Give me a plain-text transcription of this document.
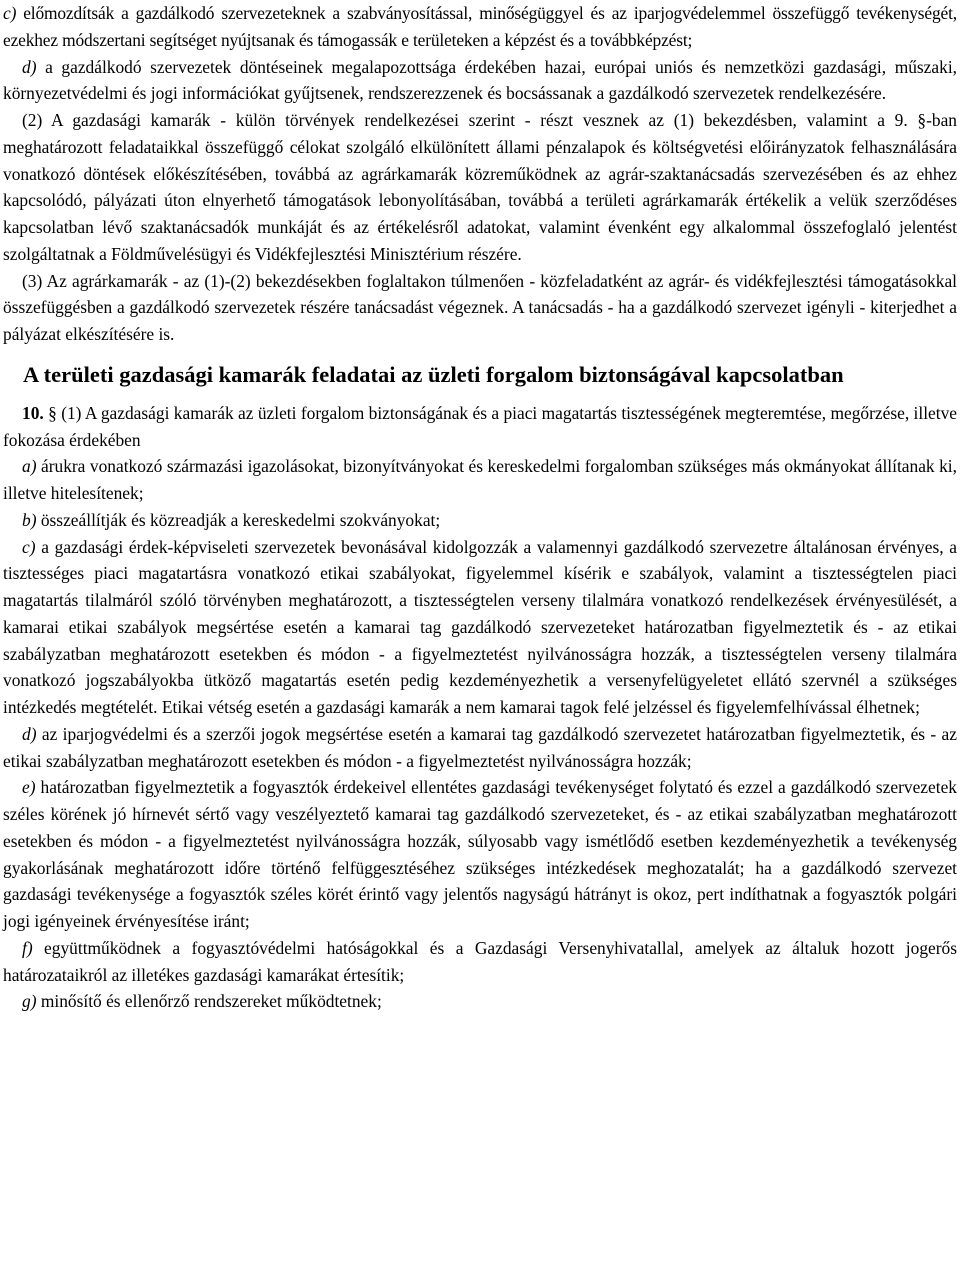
c) előmozdítsák a gazdálkodó szervezeteknek a szabványosítással, minőségüggyel és az iparjogvédelemmel összefüggő tevékenységét, ezekhez módszertani segítséget nyújtsanak és támogassák e területeken a képzést és a továbbképzést;

d) a gazdálkodó szervezetek döntéseinek megalapozottsága érdekében hazai, európai uniós és nemzetközi gazdasági, műszaki, környezetvédelmi és jogi információkat gyűjtsenek, rendszerezzenek és bocsássanak a gazdálkodó szervezetek rendelkezésére.

(2) A gazdasági kamarák - külön törvények rendelkezései szerint - részt vesznek az (1) bekezdésben, valamint a 9. §-ban meghatározott feladataikkal összefüggő célokat szolgáló elkülönített állami pénzalapok és költségvetési előirányzatok felhasználására vonatkozó döntések előkészítésében, továbbá az agrárkamarák közreműködnek az agrár-szaktanácsadás szervezésében és az ehhez kapcsolódó, pályázati úton elnyerhető támogatások lebonyolításában, továbbá a területi agrárkamarák értékelik a velük szerződéses kapcsolatban lévő szaktanácsadók munkáját és az értékelésről adatokat, valamint évenként egy alkalommal összefoglaló jelentést szolgáltatnak a Földművelésügyi és Vidékfejlesztési Minisztérium részére.

(3) Az agrárkamarák - az (1)-(2) bekezdésekben foglaltakon túlmenően - közfeladatként az agrár- és vidékfejlesztési támogatásokkal összefüggésben a gazdálkodó szervezetek részére tanácsadást végeznek. A tanácsadás - ha a gazdálkodó szervezet igényli - kiterjedhet a pályázat elkészítésére is.

A területi gazdasági kamarák feladatai az üzleti forgalom biztonságával kapcsolatban

10. § (1) A gazdasági kamarák az üzleti forgalom biztonságának és a piaci magatartás tisztességének megteremtése, megőrzése, illetve fokozása érdekében

a) árukra vonatkozó származási igazolásokat, bizonyítványokat és kereskedelmi forgalomban szükséges más okmányokat állítanak ki, illetve hitelesítenek;

b) összeállítják és közreadják a kereskedelmi szokványokat;

c) a gazdasági érdek-képviseleti szervezetek bevonásával kidolgozzák a valamennyi gazdálkodó szervezetre általánosan érvényes, a tisztességes piaci magatartásra vonatkozó etikai szabályokat, figyelemmel kísérik e szabályok, valamint a tisztességtelen piaci magatartás tilalmáról szóló törvényben meghatározott, a tisztességtelen verseny tilalmára vonatkozó rendelkezések érvényesülését, a kamarai etikai szabályok megsértése esetén a kamarai tag gazdálkodó szervezeteket határozatban figyelmeztetik és - az etikai szabályzatban meghatározott esetekben és módon - a figyelmeztetést nyilvánosságra hozzák, a tisztességtelen verseny tilalmára vonatkozó jogszabályokba ütköző magatartás esetén pedig kezdeményezhetik a versenyfelügyeletet ellátó szervnél a szükséges intézkedés megtételét. Etikai vétség esetén a gazdasági kamarák a nem kamarai tagok felé jelzéssel és figyelemfelhívással élhetnek;

d) az iparjogvédelmi és a szerzői jogok megsértése esetén a kamarai tag gazdálkodó szervezetet határozatban figyelmeztetik, és - az etikai szabályzatban meghatározott esetekben és módon - a figyelmeztetést nyilvánosságra hozzák;

e) határozatban figyelmeztetik a fogyasztók érdekeivel ellentétes gazdasági tevékenységet folytató és ezzel a gazdálkodó szervezetek széles körének jó hírnevét sértő vagy veszélyeztető kamarai tag gazdálkodó szervezeteket, és - az etikai szabályzatban meghatározott esetekben és módon - a figyelmeztetést nyilvánosságra hozzák, súlyosabb vagy ismétlődő esetben kezdeményezhetik a tevékenység gyakorlásának meghatározott időre történő felfüggesztéséhez szükséges intézkedések meghozatalát; ha a gazdálkodó szervezet gazdasági tevékenysége a fogyasztók széles körét érintő vagy jelentős nagyságú hátrányt is okoz, pert indíthatnak a fogyasztók polgári jogi igényeinek érvényesítése iránt;

f) együttműködnek a fogyasztóvédelmi hatóságokkal és a Gazdasági Versenyhivatallal, amelyek az általuk hozott jogerős határozataikról az illetékes gazdasági kamarákat értesítik;

g) minősítő és ellenőrző rendszereket működtetnek;
